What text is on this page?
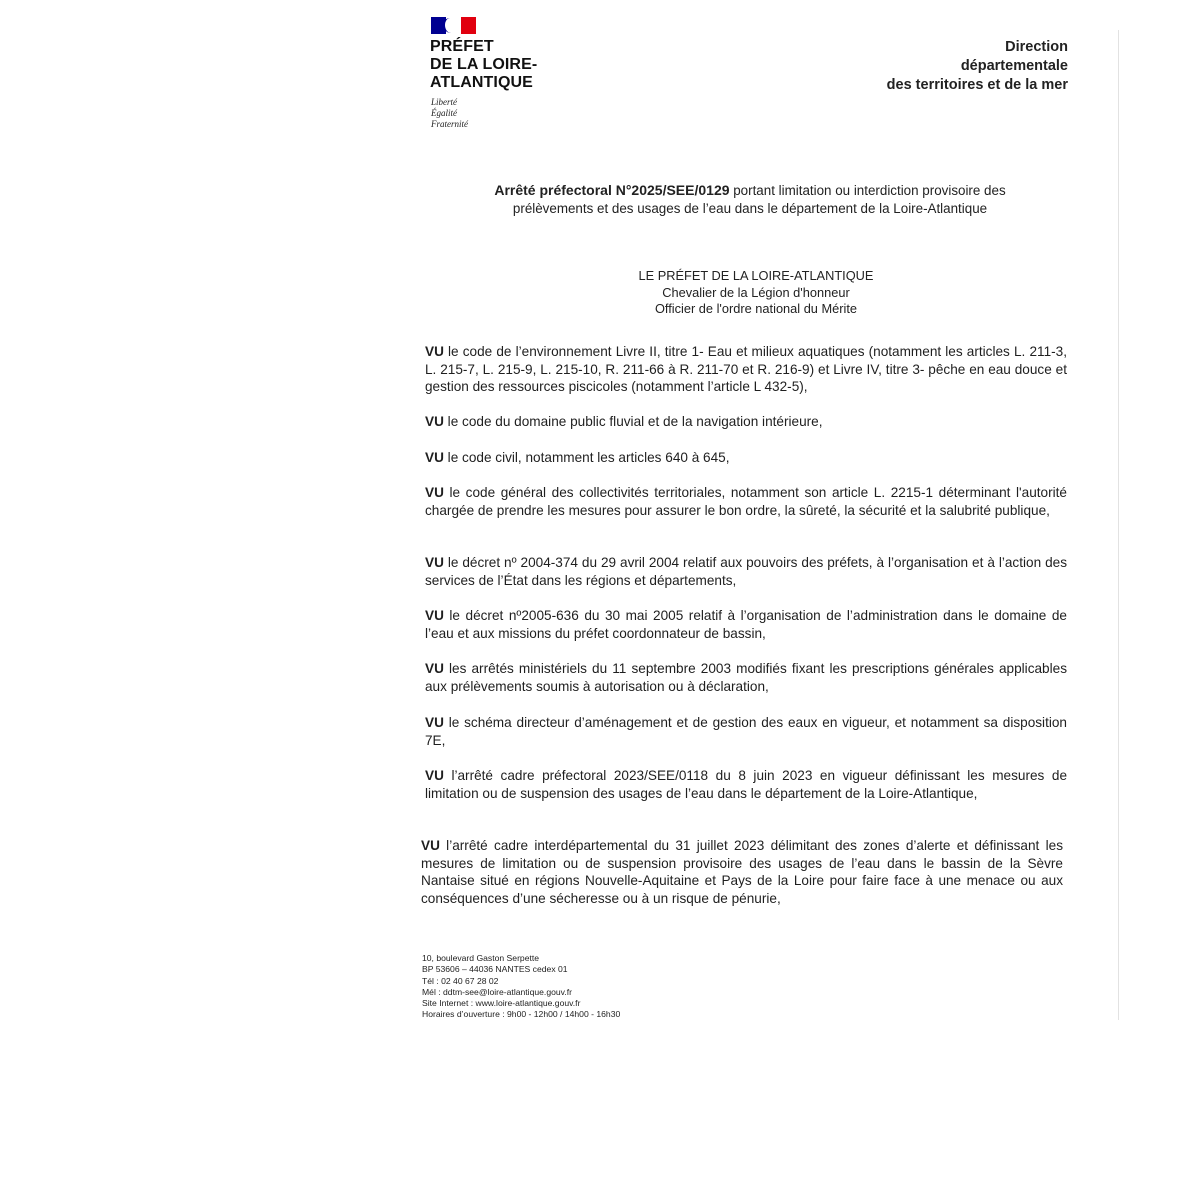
PRÉFET
DE LA LOIRE-
ATLANTIQUE
Liberté
Égalité
Fraternité
Direction
départementale
des territoires et de la mer
Arrêté préfectoral N°2025/SEE/0129 portant limitation ou interdiction provisoire des
prélèvements et des usages de l’eau dans le département de la Loire-Atlantique
LE PRÉFET DE LA LOIRE-ATLANTIQUE
Chevalier de la Légion d'honneur
Officier de l'ordre national du Mérite

VU le code de l’environnement Livre II, titre 1- Eau et milieux aquatiques (notamment les articles L. 211-3, L. 215-7, L. 215-9, L. 215-10, R. 211-66 à R. 211-70 et R. 216-9) et Livre IV, titre 3- pêche en eau douce et gestion des ressources piscicoles (notamment l’article L 432-5),

VU le code du domaine public fluvial et de la navigation intérieure,

VU le code civil, notamment les articles 640 à 645,

VU le code général des collectivités territoriales, notamment son article L. 2215-1 déterminant l'autorité chargée de prendre les mesures pour assurer le bon ordre, la sûreté, la sécurité et la salubrité publique,

VU le décret nº 2004-374 du 29 avril 2004 relatif aux pouvoirs des préfets, à l’organisation et à l’action des services de l’État dans les régions et départements,

VU le décret nº2005-636 du 30 mai 2005 relatif à l’organisation de l’administration dans le domaine de l’eau et aux missions du préfet coordonnateur de bassin,

VU les arrêtés ministériels du 11 septembre 2003 modifiés fixant les prescriptions générales applicables aux prélèvements soumis à autorisation ou à déclaration,

VU le schéma directeur d’aménagement et de gestion des eaux en vigueur, et notamment sa disposition 7E,

VU l’arrêté cadre préfectoral 2023/SEE/0118 du 8 juin 2023 en vigueur définissant les mesures de limitation ou de suspension des usages de l’eau dans le département de la Loire-Atlantique,

VU l’arrêté cadre interdépartemental du 31 juillet 2023 délimitant des zones d’alerte et définissant les mesures de limitation ou de suspension provisoire des usages de l’eau dans le bassin de la Sèvre Nantaise situé en régions Nouvelle-Aquitaine et Pays de la Loire pour faire face à une menace ou aux conséquences d’une sécheresse ou à un risque de pénurie,

10, boulevard Gaston Serpette
BP 53606 – 44036 NANTES cedex 01
Tél : 02 40 67 28 02
Mél : ddtm-see@loire-atlantique.gouv.fr
Site Internet : www.loire-atlantique.gouv.fr
Horaires d’ouverture : 9h00 - 12h00 / 14h00 - 16h30
